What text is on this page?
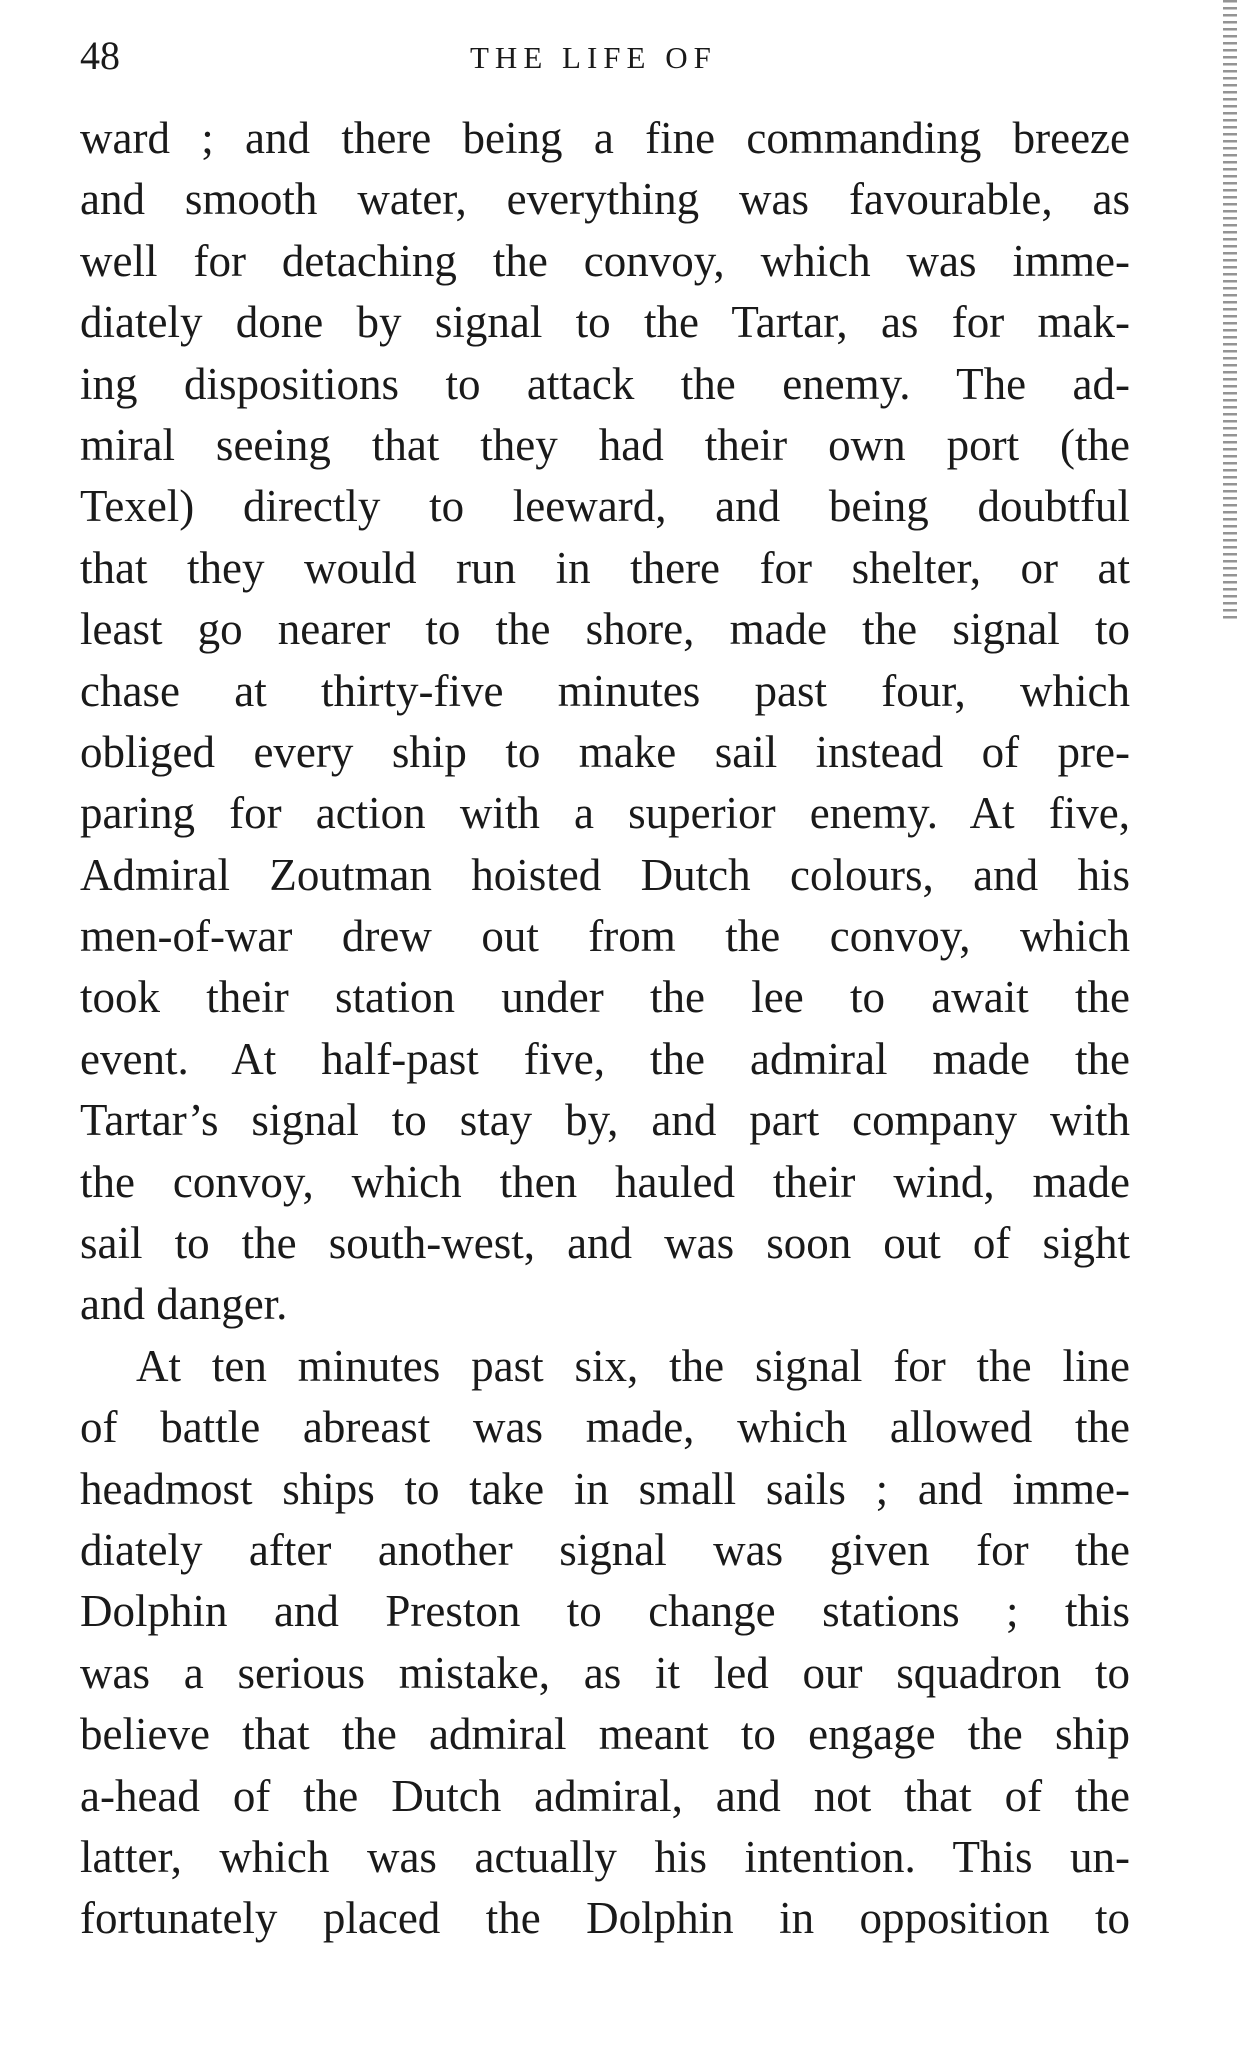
48	THE LIFE OF
ward ; and there being a fine commanding breeze
and smooth water, everything was favourable, as
well for detaching the convoy, which was imme-
diately done by signal to the Tartar, as for mak-
ing dispositions to attack the enemy. The ad-
miral seeing that they had their own port (the
Texel) directly to leeward, and being doubtful
that they would run in there for shelter, or at
least go nearer to the shore, made the signal to
chase at thirty-five minutes past four, which
obliged every ship to make sail instead of pre-
paring for action with a superior enemy. At five,
Admiral Zoutman hoisted Dutch colours, and his
men-of-war drew out from the convoy, which
took their station under the lee to await the
event. At half-past five, the admiral made the
Tartar’s signal to stay by, and part company with
the convoy, which then hauled their wind, made
sail to the south-west, and was soon out of sight
and danger.
At ten minutes past six, the signal for the line
of battle abreast was made, which allowed the
headmost ships to take in small sails ; and imme-
diately after another signal was given for the
Dolphin and Preston to change stations ; this
was a serious mistake, as it led our squadron to
believe that the admiral meant to engage the ship
a-head of the Dutch admiral, and not that of the
latter, which was actually his intention. This un-
fortunately placed the Dolphin in opposition to
